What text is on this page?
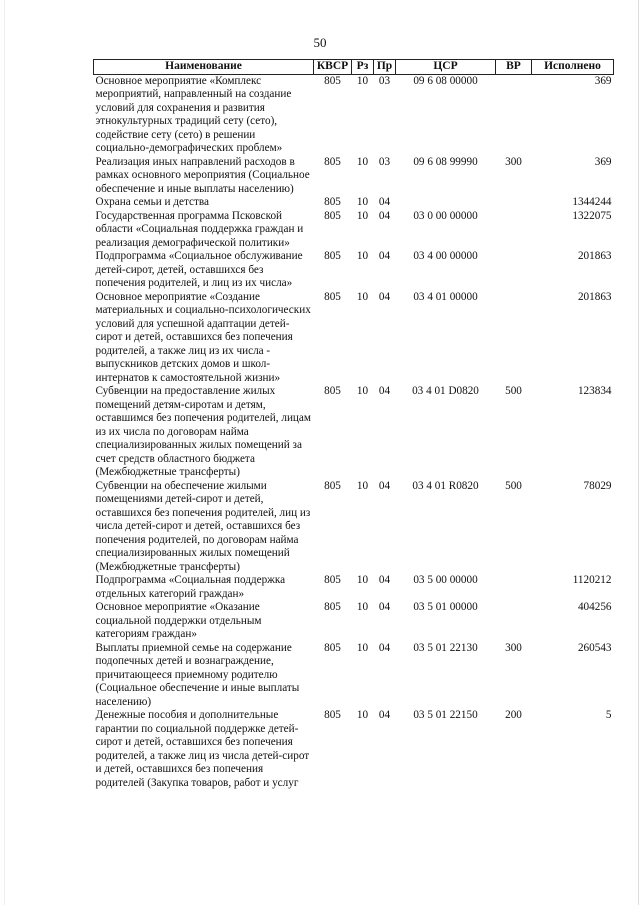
50
Наименование	КВСР	Рз	Пр	ЦСР	ВР	Исполнено
Основное мероприятие «Комплекс мероприятий, направленный на создание условий для сохранения и развития этнокультурных традиций сету (сето), содействие сету (сето) в решении социально-демографических проблем»	805	10	03	09 6 08 00000		369
Реализация иных направлений расходов в рамках основного мероприятия (Социальное обеспечение и иные выплаты населению)	805	10	03	09 6 08 99990	300	369
Охрана семьи и детства	805	10	04			1344244
Государственная программа Псковской области «Социальная поддержка граждан и реализация демографической политики»	805	10	04	03 0 00 00000		1322075
Подпрограмма «Социальное обслуживание детей-сирот, детей, оставшихся без попечения родителей, и лиц из их числа»	805	10	04	03 4 00 00000		201863
Основное мероприятие «Создание материальных и социально-психологических условий для успешной адаптации детей-сирот и детей, оставшихся без попечения родителей, а также лиц из их числа - выпускников детских домов и школ-интернатов к самостоятельной жизни»	805	10	04	03 4 01 00000		201863
Субвенции на предоставление жилых помещений детям-сиротам и детям, оставшимся без попечения родителей, лицам из их числа по договорам найма специализированных жилых помещений за счет средств областного бюджета (Межбюджетные трансферты)	805	10	04	03 4 01 D0820	500	123834
Субвенции на обеспечение жилыми помещениями детей-сирот и детей, оставшихся без попечения родителей, лиц из числа детей-сирот и детей, оставшихся без попечения родителей, по договорам найма специализированных жилых помещений (Межбюджетные трансферты)	805	10	04	03 4 01 R0820	500	78029
Подпрограмма «Социальная поддержка отдельных категорий граждан»	805	10	04	03 5 00 00000		1120212
Основное мероприятие «Оказание социальной поддержки отдельным категориям граждан»	805	10	04	03 5 01 00000		404256
Выплаты приемной семье на содержание подопечных детей и вознаграждение, причитающееся приемному родителю (Социальное обеспечение и иные выплаты населению)	805	10	04	03 5 01 22130	300	260543
Денежные пособия и дополнительные гарантии по социальной поддержке детей-сирот и детей, оставшихся без попечения родителей, а также лиц из числа детей-сирот и детей, оставшихся без попечения родителей (Закупка товаров, работ и услуг	805	10	04	03 5 01 22150	200	5
